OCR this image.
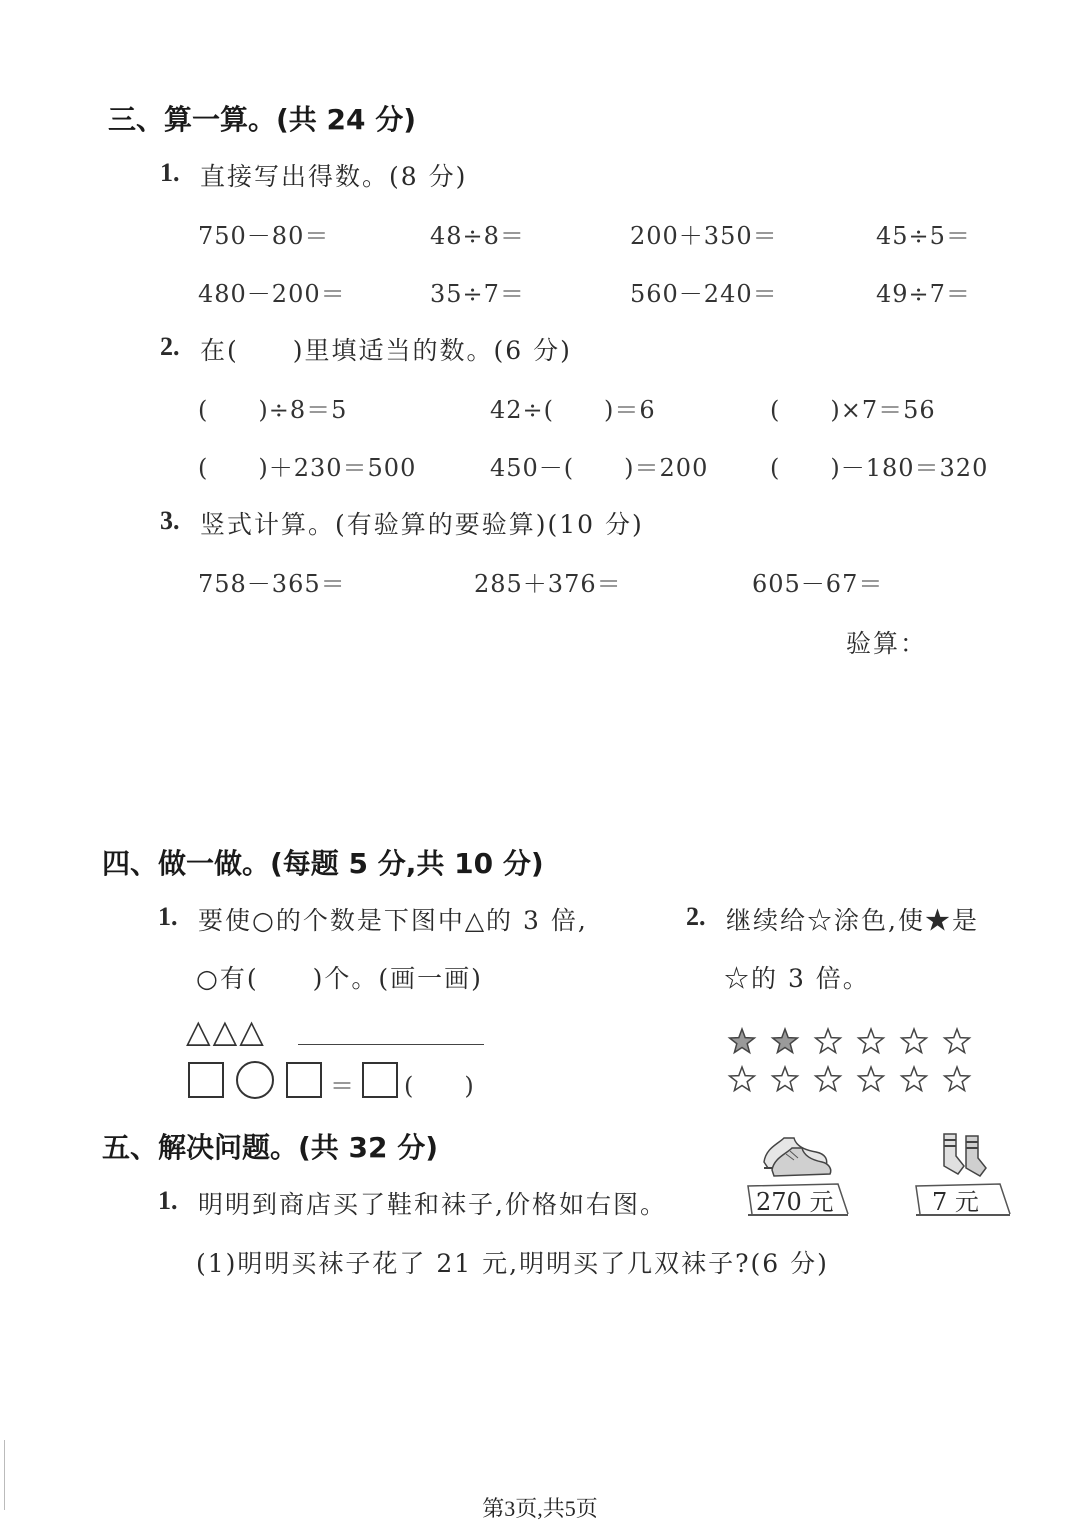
三、算一算。(共 24 分)
1. 直接写出得数。(8 分)
750－80＝	48÷8＝	200＋350＝	45÷5＝
480－200＝	35÷7＝	560－240＝	49÷7＝
2. 在(　　)里填适当的数。(6 分)
(　　)÷8＝5	42÷(　　)＝6	(　　)×7＝56
(　　)＋230＝500	450－(　　)＝200	(　　)－180＝320
3. 竖式计算。(有验算的要验算)(10 分)
758－365＝	285＋376＝	605－67＝
验算：
四、做一做。(每题 5 分,共 10 分)
1. 要使○的个数是下图中△的 3 倍,
○有(　　)个。(画一画)
△△△
＝ (　　)
2. 继续给☆涂色,使★是
☆的 3 倍。
五、解决问题。(共 32 分)
270 元	7 元
1. 明明到商店买了鞋和袜子,价格如右图。
(1)明明买袜子花了 21 元,明明买了几双袜子?(6 分)
第3页,共5页
